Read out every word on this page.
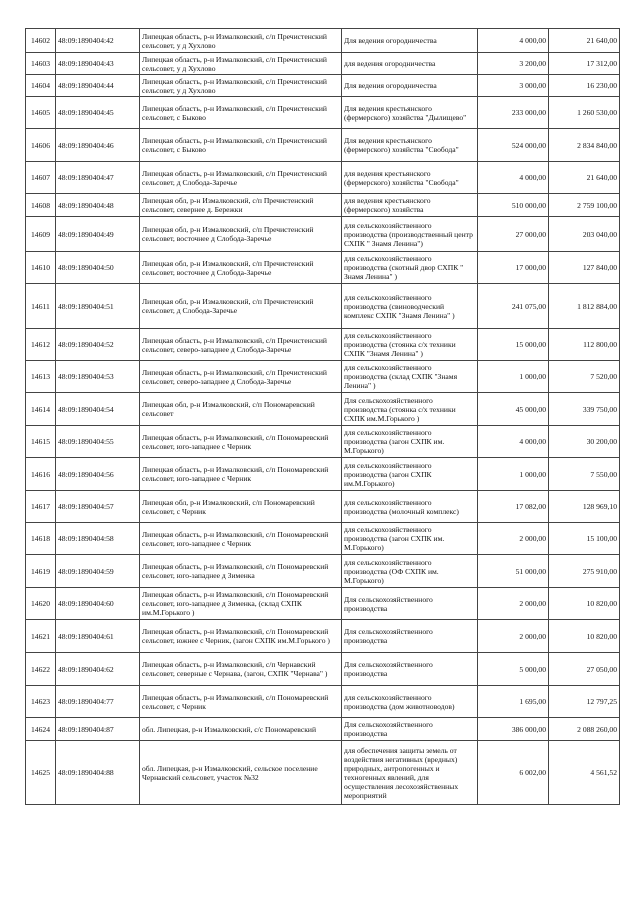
14602	48:09:1890404:42	Липецкая область, р-н Измалковский, с/п Пречистенский сельсовет, у д Хухлово	Для ведения огородничества	4 000,00	21 640,00
14603	48:09:1890404:43	Липецкая область, р-н Измалковский, с/п Пречистенский сельсовет, у д Хухлово	для ведения огородничества	3 200,00	17 312,00
14604	48:09:1890404:44	Липецкая область, р-н Измалковский, с/п Пречистенский сельсовет, у д Хухлово	Для ведения огородничества	3 000,00	16 230,00
14605	48:09:1890404:45	Липецкая область, р-н Измалковский, с/п Пречистенский сельсовет, с Быково	Для ведения крестьянского (фермерского) хозяйства "Дылищево"	233 000,00	1 260 530,00
14606	48:09:1890404:46	Липецкая область, р-н Измалковский, с/п Пречистенский сельсовет, с Быково	Для ведения крестьянского (фермерского) хозяйства "Свобода"	524 000,00	2 834 840,00
14607	48:09:1890404:47	Липецкая область, р-н Измалковский, с/п Пречистенский сельсовет, д Слобода-Заречье	для ведения крестьянского (фермерского) хозяйства "Свобода"	4 000,00	21 640,00
14608	48:09:1890404:48	Липецкая обл, р-н Измалковский, с/п Пречистенский сельсовет, севернее д. Бережки	для ведения крестьянского (фермерского) хозяйства	510 000,00	2 759 100,00
14609	48:09:1890404:49	Липецкая обл, р-н Измалковский, с/п Пречистенский сельсовет, восточнее д Слобода-Заречье	для сельскохозяйственного производства (производственный центр СХПК " Знамя Ленина")	27 000,00	203 040,00
14610	48:09:1890404:50	Липецкая обл, р-н Измалковский, с/п Пречистенский сельсовет, восточнее д Слобода-Заречье	для сельскохозяйственного производства (скотный двор СХПК " Знамя Ленина" )	17 000,00	127 840,00
14611	48:09:1890404:51	Липецкая обл, р-н Измалковский, с/п Пречистенский сельсовет, д Слобода-Заречье	для сельскохозяйственного производства (свиноводческий комплекс СХПК "Знамя Ленина" )	241 075,00	1 812 884,00
14612	48:09:1890404:52	Липецкая область, р-н Измалковский, с/п Пречистенский сельсовет, северо-западнее д Слобода-Заречье	для сельскохозяйственного производства (стоянка с/х техники СХПК "Знамя Ленина" )	15 000,00	112 800,00
14613	48:09:1890404:53	Липецкая область, р-н Измалковский, с/п Пречистенский сельсовет, северо-западнее д Слобода-Заречье	для сельскохозяйственного производства (склад СХПК "Знамя Ленина" )	1 000,00	7 520,00
14614	48:09:1890404:54	Липецкая обл, р-н Измалковский, с/п Пономаревский сельсовет	Для сельскохозяйственного производства (стоянка с/х техники СХПК им.М.Горького )	45 000,00	339 750,00
14615	48:09:1890404:55	Липецкая область, р-н Измалковский, с/п Пономаревский сельсовет, юго-западнее с Черник	для сельскохозяйственного производства (загон СХПК им. М.Горького)	4 000,00	30 200,00
14616	48:09:1890404:56	Липецкая область, р-н Измалковский, с/п Пономаревский сельсовет, юго-западнее с Черник	для сельскохозяйственного производства (загон СХПК им.М.Горького)	1 000,00	7 550,00
14617	48:09:1890404:57	Липецкая обл, р-н Измалковский, с/п Пономаревский сельсовет, с Черник	для сельскохозяйственного производства (молочный комплекс)	17 082,00	128 969,10
14618	48:09:1890404:58	Липецкая область, р-н Измалковский, с/п Пономаревский сельсовет, юго-западнее с Черник	для сельскохозяйственного производства (загон СХПК им. М.Горького)	2 000,00	15 100,00
14619	48:09:1890404:59	Липецкая область, р-н Измалковский, с/п Пономаревский сельсовет, юго-западнее д Зименка	для сельскохозяйственного производства (ОФ СХПК им. М.Горького)	51 000,00	275 910,00
14620	48:09:1890404:60	Липецкая область, р-н Измалковский, с/п Пономаревский сельсовет, юго-западнее д Зименка, (склад СХПК им.М.Горького )	Для сельскохозяйственного производства	2 000,00	10 820,00
14621	48:09:1890404:61	Липецкая область, р-н Измалковский, с/п Пономаревский сельсовет, южнее с Черник, (загон СХПК им.М.Горького )	Для сельскохозяйственного производства	2 000,00	10 820,00
14622	48:09:1890404:62	Липецкая область, р-н Измалковский, с/п Чернавский сельсовет, северные с Чернава, (загон, СХПК "Чернава" )	Для сельскохозяйственного производства	5 000,00	27 050,00
14623	48:09:1890404:77	Липецкая область, р-н Измалковский, с/п Пономаревский сельсовет, с Черник	для сельскохозяйственного производства (дом животноводов)	1 695,00	12 797,25
14624	48:09:1890404:87	обл. Липецкая, р-н Измалковский, с/с Пономаревский	Для сельскохозяйственного производства	386 000,00	2 088 260,00
14625	48:09:1890404:88	обл. Липецкая, р-н Измалковский, сельское поселение Чернавский сельсовет, участок №32	для обеспечения защиты земель от воздействия негативных (вредных) природных, антропогенных и техногенных явлений, для осуществления лесохозяйственных мероприятий	6 002,00	4 561,52
